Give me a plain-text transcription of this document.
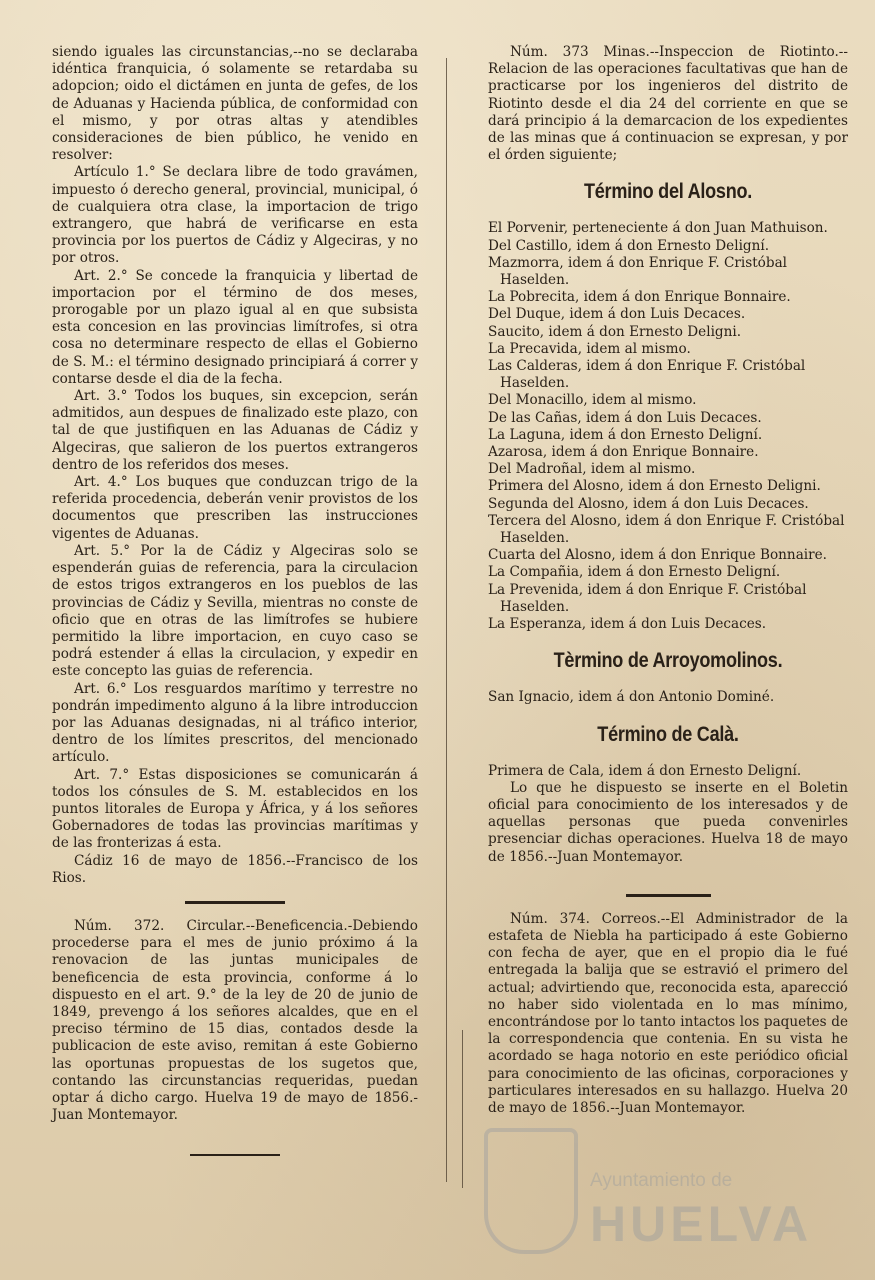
siendo iguales las circunstancias,--no se declaraba idéntica franquicia, ó solamente se retardaba su adopcion; oido el dictámen en junta de gefes, de los de Aduanas y Hacienda pública, de conformidad con el mismo, y por otras altas y atendibles consideraciones de bien público, he venido en resolver:

Artículo 1.° Se declara libre de todo gravámen, impuesto ó derecho general, provincial, municipal, ó de cualquiera otra clase, la importacion de trigo extrangero, que habrá de verificarse en esta provincia por los puertos de Cádiz y Algeciras, y no por otros.

Art. 2.° Se concede la franquicia y libertad de importacion por el término de dos meses, prorogable por un plazo igual al en que subsista esta concesion en las provincias limítrofes, si otra cosa no determinare respecto de ellas el Gobierno de S. M.: el término designado principiará á correr y contarse desde el dia de la fecha.

Art. 3.° Todos los buques, sin excepcion, serán admitidos, aun despues de finalizado este plazo, con tal de que justifiquen en las Aduanas de Cádiz y Algeciras, que salieron de los puertos extrangeros dentro de los referidos dos meses.

Art. 4.° Los buques que conduzcan trigo de la referida procedencia, deberán venir provistos de los documentos que prescriben las instrucciones vigentes de Aduanas.

Art. 5.° Por la de Cádiz y Algeciras solo se espenderán guias de referencia, para la circulacion de estos trigos extrangeros en los pueblos de las provincias de Cádiz y Sevilla, mientras no conste de oficio que en otras de las limítrofes se hubiere permitido la libre importacion, en cuyo caso se podrá estender á ellas la circulacion, y expedir en este concepto las guias de referencia.

Art. 6.° Los resguardos marítimo y terrestre no pondrán impedimento alguno á la libre introduccion por las Aduanas designadas, ni al tráfico interior, dentro de los límites prescritos, del mencionado artículo.

Art. 7.° Estas disposiciones se comunicarán á todos los cónsules de S. M. establecidos en los puntos litorales de Europa y África, y á los señores Gobernadores de todas las provincias marítimas y de las fronterizas á esta.

Cádiz 16 de mayo de 1856.--Francisco de los Rios.

Núm. 372. Circular.--Beneficencia.-Debiendo procederse para el mes de junio próximo á la renovacion de las juntas municipales de beneficencia de esta provincia, conforme á lo dispuesto en el art. 9.° de la ley de 20 de junio de 1849, prevengo á los señores alcaldes, que en el preciso término de 15 dias, contados desde la publicacion de este aviso, remitan á este Gobierno las oportunas propuestas de los sugetos que, contando las circunstancias requeridas, puedan optar á dicho cargo. Huelva 19 de mayo de 1856.-Juan Montemayor.

Núm. 373 Minas.--Inspeccion de Riotinto.--Relacion de las operaciones facultativas que han de practicarse por los ingenieros del distrito de Riotinto desde el dia 24 del corriente en que se dará principio á la demarcacion de los expedientes de las minas que á continuacion se expresan, y por el órden siguiente;

Término del Alosno.

El Porvenir, perteneciente á don Juan Mathuison.

Del Castillo, idem á don Ernesto Deligní.

Mazmorra, idem á don Enrique F. Cristóbal Haselden.

La Pobrecita, idem á don Enrique Bonnaire.

Del Duque, idem á don Luis Decaces.

Saucito, idem á don Ernesto Deligni.

La Precavida, idem al mismo.

Las Calderas, idem á don Enrique F. Cristóbal Haselden.

Del Monacillo, idem al mismo.

De las Cañas, idem á don Luis Decaces.

La Laguna, idem á don Ernesto Deligní.

Azarosa, idem á don Enrique Bonnaire.

Del Madroñal, idem al mismo.

Primera del Alosno, idem á don Ernesto Deligni.

Segunda del Alosno, idem á don Luis Decaces.

Tercera del Alosno, idem á don Enrique F. Cristóbal Haselden.

Cuarta del Alosno, idem á don Enrique Bonnaire.

La Compañia, idem á don Ernesto Deligní.

La Prevenida, idem á don Enrique F. Cristóbal Haselden.

La Esperanza, idem á don Luis Decaces.

Tèrmino de Arroyomolinos.

San Ignacio, idem á don Antonio Dominé.

Término de Calà.

Primera de Cala, idem á don Ernesto Deligní.

Lo que he dispuesto se inserte en el Boletin oficial para conocimiento de los interesados y de aquellas personas que pueda convenirles presenciar dichas operaciones. Huelva 18 de mayo de 1856.--Juan Montemayor.

Núm. 374. Correos.--El Administrador de la estafeta de Niebla ha participado á este Gobierno con fecha de ayer, que en el propio dia le fué entregada la balija que se estravió el primero del actual; advirtiendo que, reconocida esta, aparecció no haber sido violentada en lo mas mínimo, encontrándose por lo tanto intactos los paquetes de la correspondencia que contenia. En su vista he acordado se haga notorio en este periódico oficial para conocimiento de las oficinas, corporaciones y particulares interesados en su hallazgo. Huelva 20 de mayo de 1856.--Juan Montemayor.

Ayuntamiento de
HUELVA
